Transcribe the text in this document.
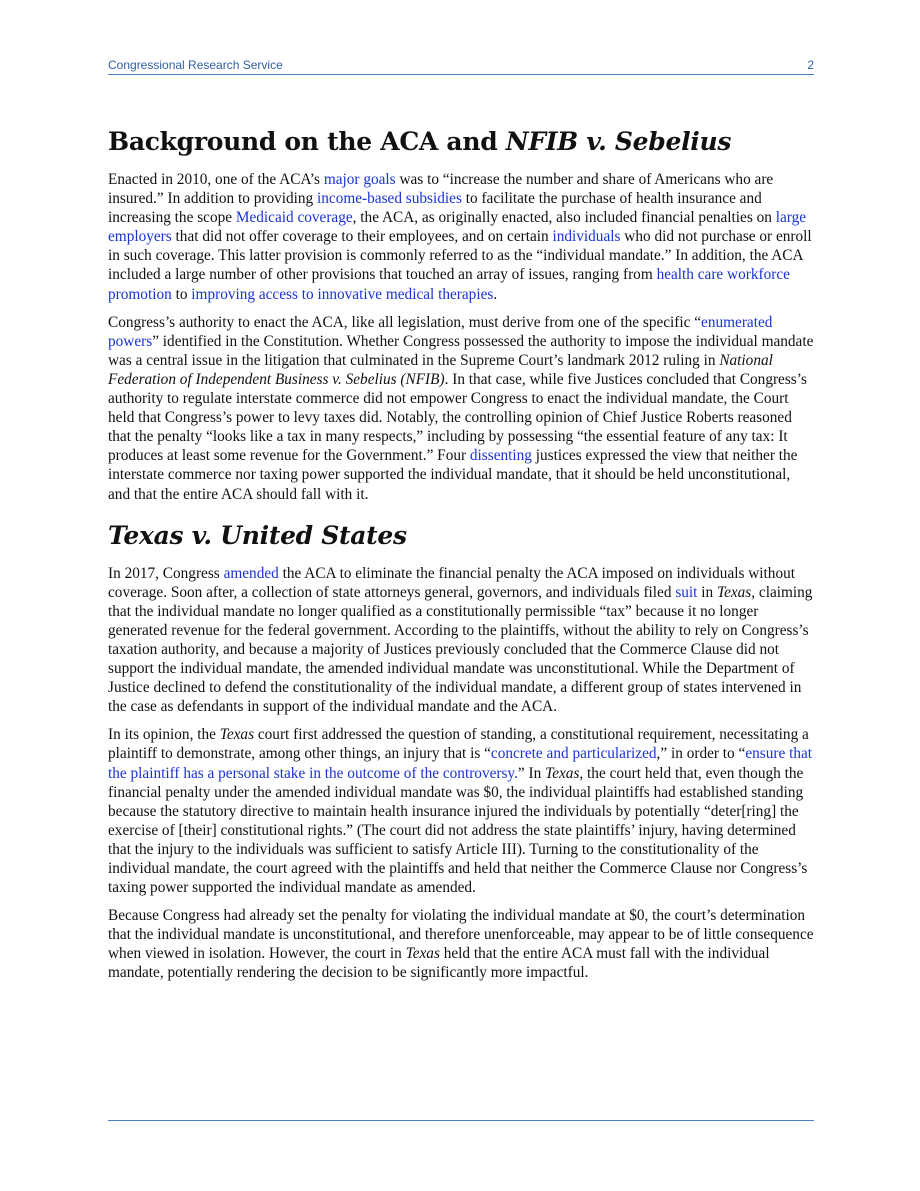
Congressional Research Service	2
Background on the ACA and NFIB v. Sebelius

Enacted in 2010, one of the ACA’s major goals was to “increase the number and share of Americans who are insured.” In addition to providing income-based subsidies to facilitate the purchase of health insurance and increasing the scope Medicaid coverage, the ACA, as originally enacted, also included financial penalties on large employers that did not offer coverage to their employees, and on certain individuals who did not purchase or enroll in such coverage. This latter provision is commonly referred to as the “individual mandate.” In addition, the ACA included a large number of other provisions that touched an array of issues, ranging from health care workforce promotion to improving access to innovative medical therapies.

Congress’s authority to enact the ACA, like all legislation, must derive from one of the specific “enumerated powers” identified in the Constitution. Whether Congress possessed the authority to impose the individual mandate was a central issue in the litigation that culminated in the Supreme Court’s landmark 2012 ruling in National Federation of Independent Business v. Sebelius (NFIB). In that case, while five Justices concluded that Congress’s authority to regulate interstate commerce did not empower Congress to enact the individual mandate, the Court held that Congress’s power to levy taxes did. Notably, the controlling opinion of Chief Justice Roberts reasoned that the penalty “looks like a tax in many respects,” including by possessing “the essential feature of any tax: It produces at least some revenue for the Government.” Four dissenting justices expressed the view that neither the interstate commerce nor taxing power supported the individual mandate, that it should be held unconstitutional, and that the entire ACA should fall with it.

Texas v. United States

In 2017, Congress amended the ACA to eliminate the financial penalty the ACA imposed on individuals without coverage. Soon after, a collection of state attorneys general, governors, and individuals filed suit in Texas, claiming that the individual mandate no longer qualified as a constitutionally permissible “tax” because it no longer generated revenue for the federal government. According to the plaintiffs, without the ability to rely on Congress’s taxation authority, and because a majority of Justices previously concluded that the Commerce Clause did not support the individual mandate, the amended individual mandate was unconstitutional. While the Department of Justice declined to defend the constitutionality of the individual mandate, a different group of states intervened in the case as defendants in support of the individual mandate and the ACA.

In its opinion, the Texas court first addressed the question of standing, a constitutional requirement, necessitating a plaintiff to demonstrate, among other things, an injury that is “concrete and particularized,” in order to “ensure that the plaintiff has a personal stake in the outcome of the controversy.” In Texas, the court held that, even though the financial penalty under the amended individual mandate was $0, the individual plaintiffs had established standing because the statutory directive to maintain health insurance injured the individuals by potentially “deter[ring] the exercise of [their] constitutional rights.” (The court did not address the state plaintiffs’ injury, having determined that the injury to the individuals was sufficient to satisfy Article III). Turning to the constitutionality of the individual mandate, the court agreed with the plaintiffs and held that neither the Commerce Clause nor Congress’s taxing power supported the individual mandate as amended.

Because Congress had already set the penalty for violating the individual mandate at $0, the court’s determination that the individual mandate is unconstitutional, and therefore unenforceable, may appear to be of little consequence when viewed in isolation. However, the court in Texas held that the entire ACA must fall with the individual mandate, potentially rendering the decision to be significantly more impactful.
